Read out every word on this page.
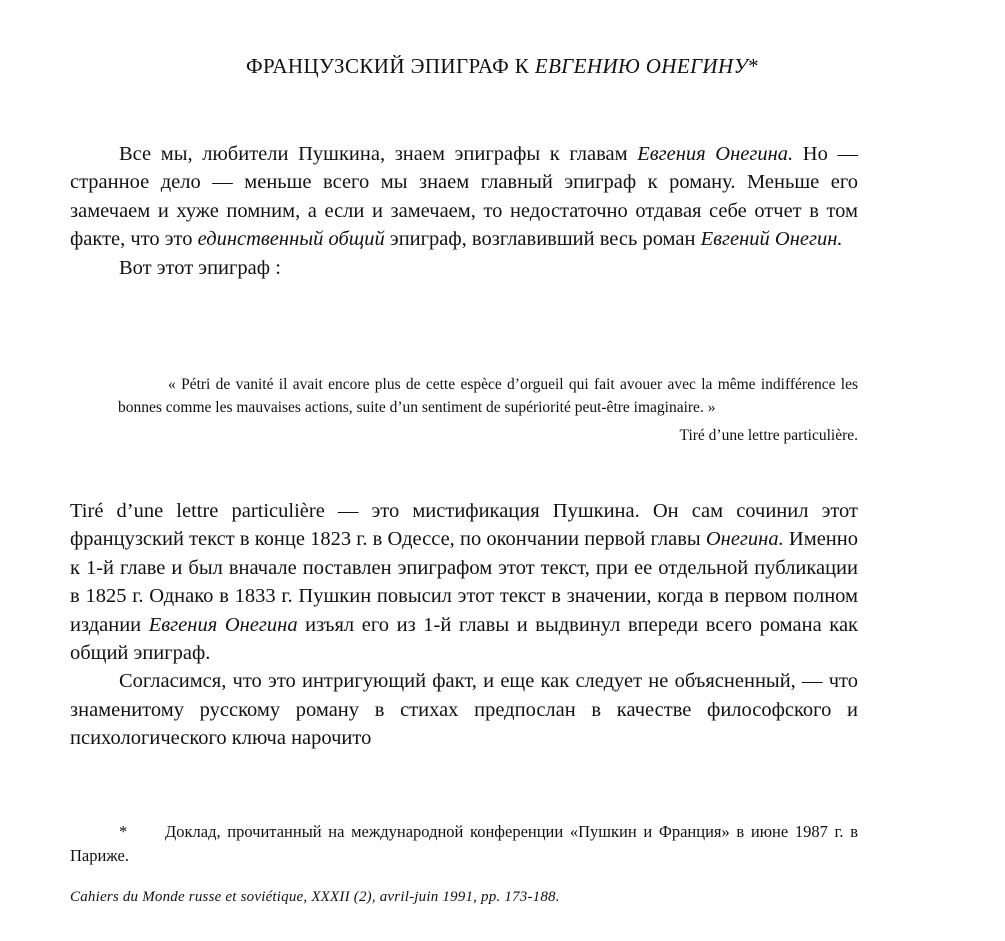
ФРАНЦУЗСКИЙ ЭПИГРАФ К ЕВГЕНИЮ ОНЕГИНУ*

Все мы, любители Пушкина, знаем эпиграфы к главам Евгения Онегина. Но — странное дело — меньше всего мы знаем главный эпиграф к роману. Меньше его замечаем и хуже помним, а если и замечаем, то недостаточно отдавая себе отчет в том факте, что это единственный общий эпиграф, возглавивший весь роман Евгений Онегин.

Вот этот эпиграф :

« Pétri de vanité il avait encore plus de cette espèce d’orgueil qui fait avouer avec la même indifférence les bonnes comme les mauvaises actions, suite d’un sentiment de supériorité peut-être imaginaire. »
Tiré d’une lettre particulière.

Tiré d’une lettre particulière — это мистификация Пушкина. Он сам сочинил этот французский текст в конце 1823 г. в Одессе, по окончании первой главы Онегина. Именно к 1-й главе и был вначале поставлен эпиграфом этот текст, при ее отдельной публикации в 1825 г. Однако в 1833 г. Пушкин повысил этот текст в значении, когда в первом полном издании Евгения Онегина изъял его из 1-й главы и выдвинул впереди всего романа как общий эпиграф.

Согласимся, что это интригующий факт, и еще как следует не объясненный, — что знаменитому русскому роману в стихах предпослан в качестве философского и психологического ключа нарочито

* Доклад, прочитанный на международной конференции «Пушкин и Франция» в июне 1987 г. в Париже.

Cahiers du Monde russe et soviétique, XXXII (2), avril-juin 1991, pp. 173-188.
